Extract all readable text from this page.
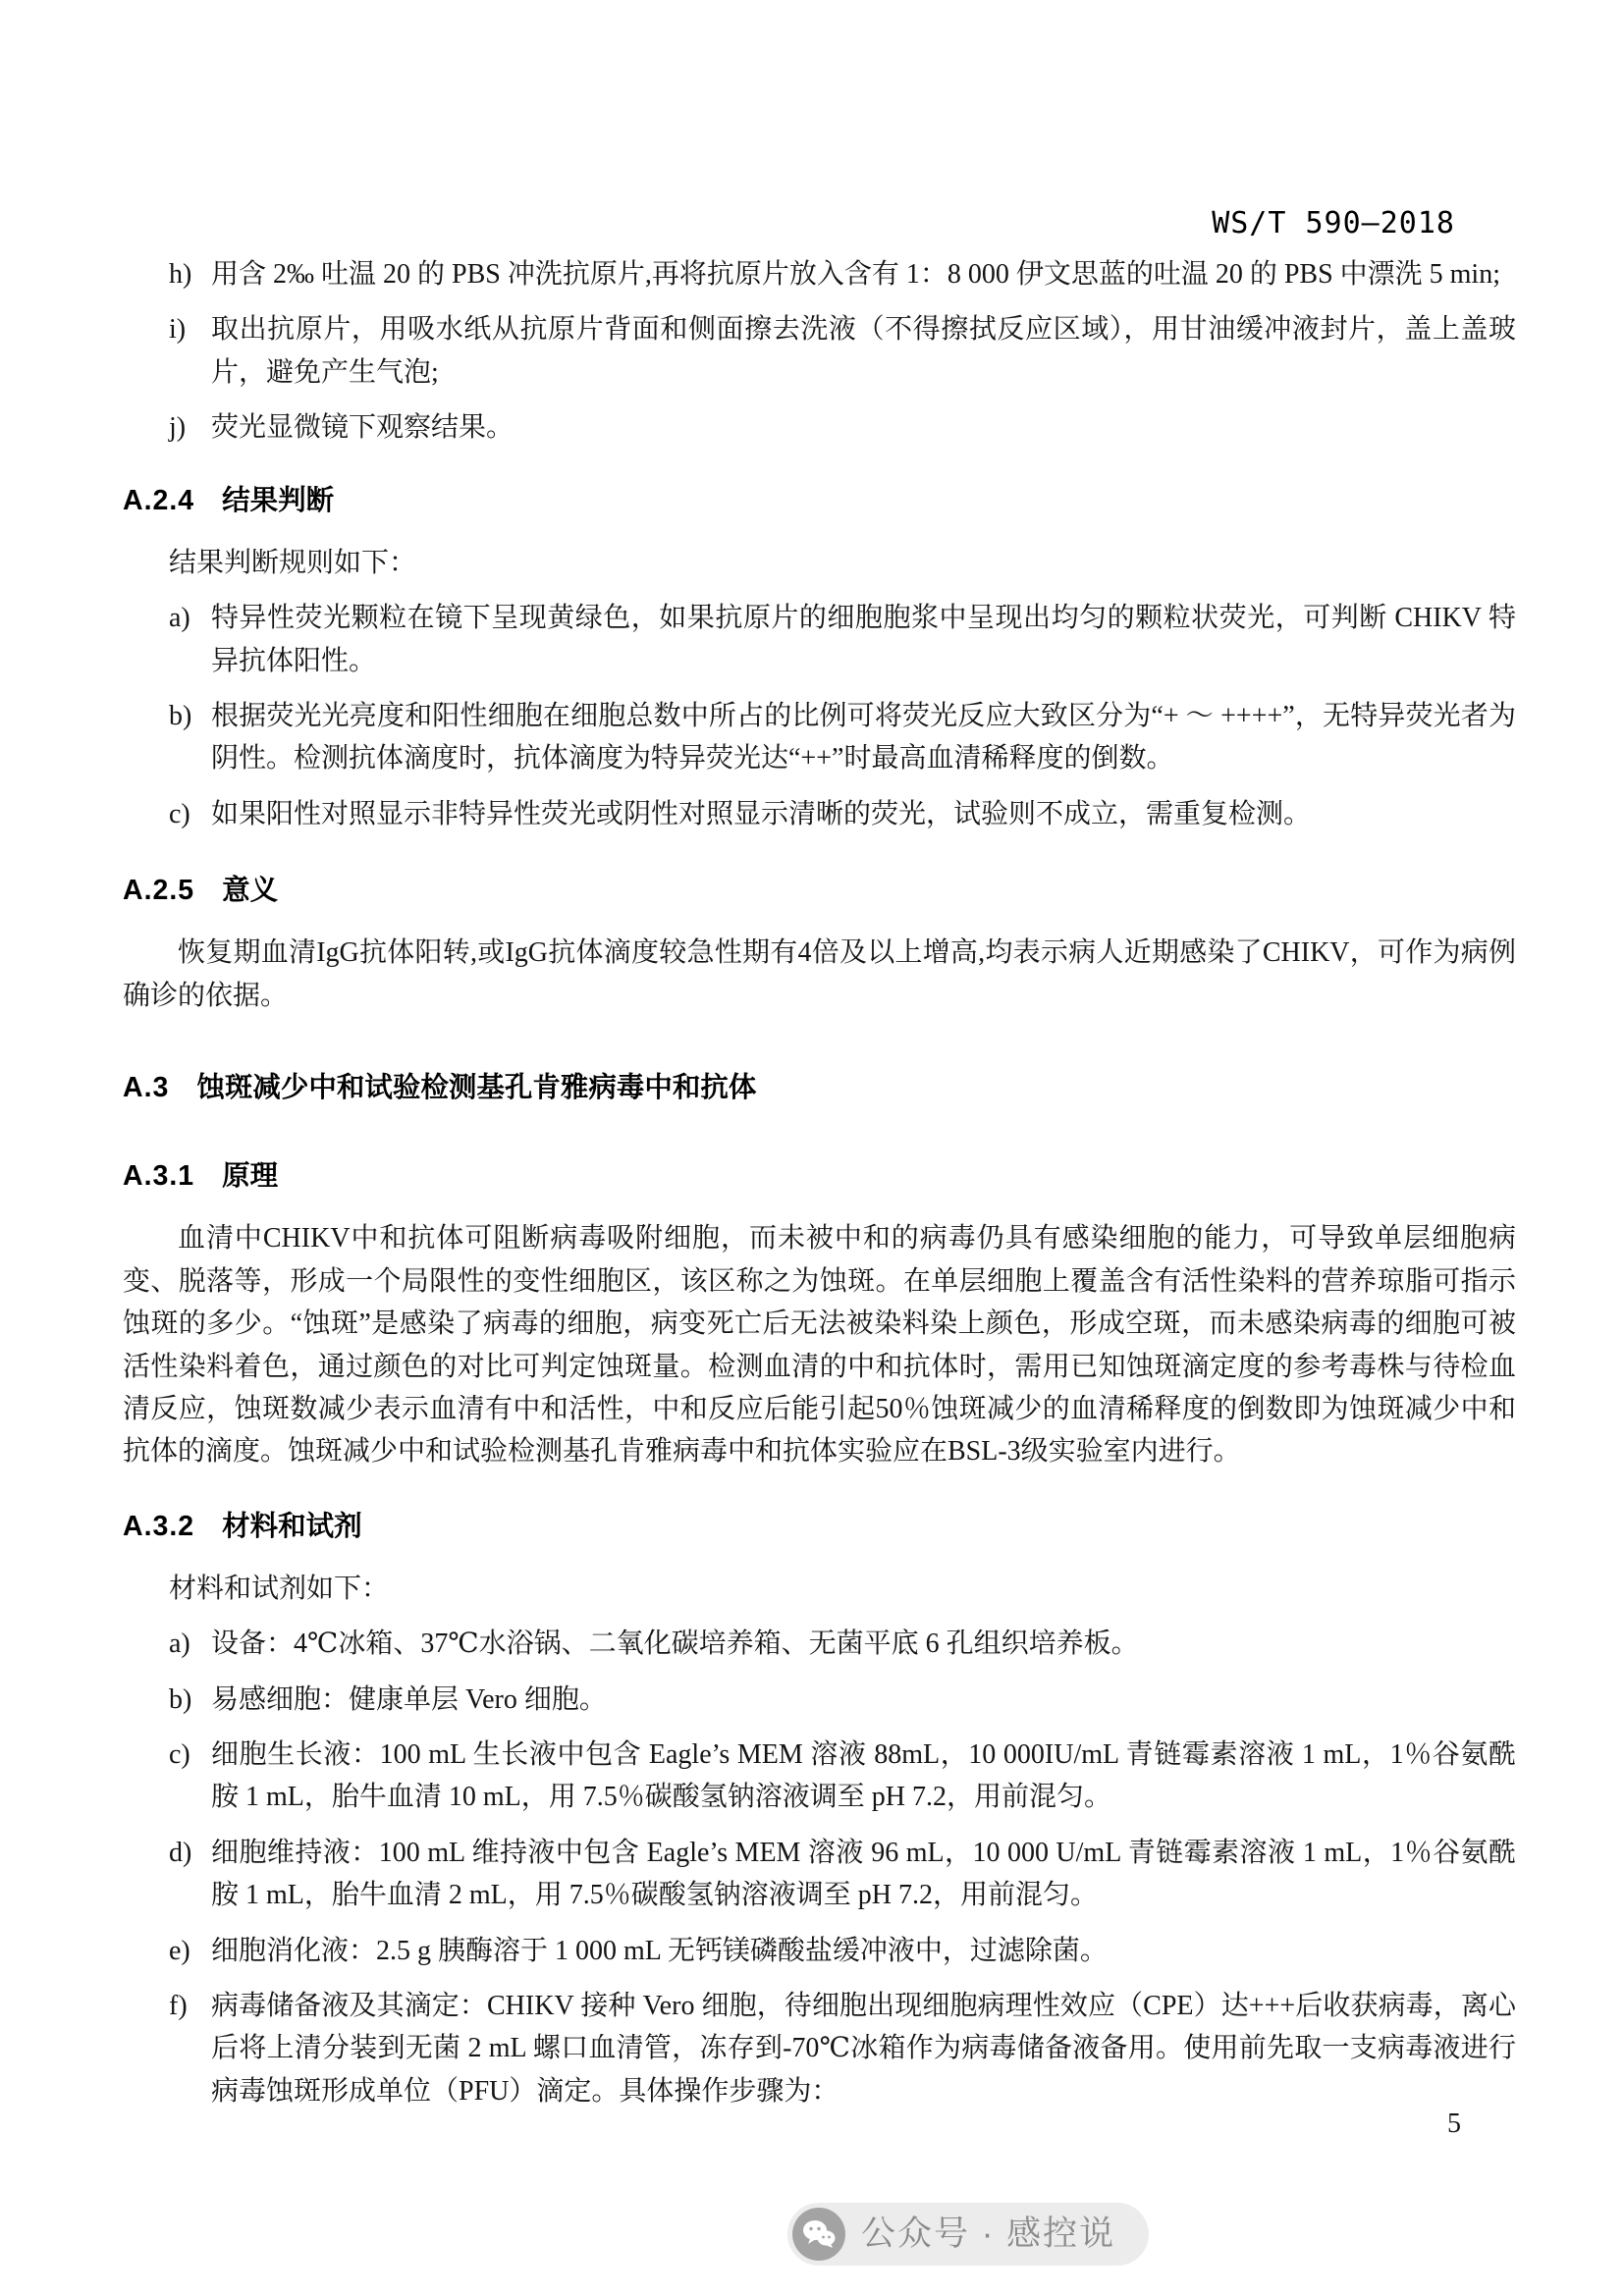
WS/T 590—2018
h) 用含 2‰ 吐温 20 的 PBS 冲洗抗原片,再将抗原片放入含有 1：8 000 伊文思蓝的吐温 20 的 PBS 中漂洗 5 min;
i) 取出抗原片，用吸水纸从抗原片背面和侧面擦去洗液（不得擦拭反应区域），用甘油缓冲液封片，盖上盖玻片，避免产生气泡;
j) 荧光显微镜下观察结果。
A.2.4 结果判断

结果判断规则如下：

a) 特异性荧光颗粒在镜下呈现黄绿色，如果抗原片的细胞胞浆中呈现出均匀的颗粒状荧光，可判断 CHIKV 特异抗体阳性。
b) 根据荧光光亮度和阳性细胞在细胞总数中所占的比例可将荧光反应大致区分为“+ ～ ++++”，无特异荧光者为阴性。检测抗体滴度时，抗体滴度为特异荧光达“++”时最高血清稀释度的倒数。
c) 如果阳性对照显示非特异性荧光或阴性对照显示清晰的荧光，试验则不成立，需重复检测。
A.2.5 意义

恢复期血清IgG抗体阳转,或IgG抗体滴度较急性期有4倍及以上增高,均表示病人近期感染了CHIKV，可作为病例确诊的依据。

A.3 蚀斑减少中和试验检测基孔肯雅病毒中和抗体
A.3.1 原理

血清中CHIKV中和抗体可阻断病毒吸附细胞，而未被中和的病毒仍具有感染细胞的能力，可导致单层细胞病变、脱落等，形成一个局限性的变性细胞区，该区称之为蚀斑。在单层细胞上覆盖含有活性染料的营养琼脂可指示蚀斑的多少。“蚀斑”是感染了病毒的细胞，病变死亡后无法被染料染上颜色，形成空斑，而未感染病毒的细胞可被活性染料着色，通过颜色的对比可判定蚀斑量。检测血清的中和抗体时，需用已知蚀斑滴定度的参考毒株与待检血清反应，蚀斑数减少表示血清有中和活性，中和反应后能引起50％蚀斑减少的血清稀释度的倒数即为蚀斑减少中和抗体的滴度。蚀斑减少中和试验检测基孔肯雅病毒中和抗体实验应在BSL-3级实验室内进行。

A.3.2 材料和试剂

材料和试剂如下：

a) 设备：4℃冰箱、37℃水浴锅、二氧化碳培养箱、无菌平底 6 孔组织培养板。
b) 易感细胞：健康单层 Vero 细胞。
c) 细胞生长液：100 mL 生长液中包含 Eagle’s MEM 溶液 88mL，10 000IU/mL 青链霉素溶液 1 mL，1％谷氨酰胺 1 mL，胎牛血清 10 mL，用 7.5％碳酸氢钠溶液调至 pH 7.2，用前混匀。
d) 细胞维持液：100 mL 维持液中包含 Eagle’s MEM 溶液 96 mL，10 000 U/mL 青链霉素溶液 1 mL，1％谷氨酰胺 1 mL，胎牛血清 2 mL，用 7.5％碳酸氢钠溶液调至 pH 7.2，用前混匀。
e) 细胞消化液：2.5 g 胰酶溶于 1 000 mL 无钙镁磷酸盐缓冲液中，过滤除菌。
f) 病毒储备液及其滴定：CHIKV 接种 Vero 细胞，待细胞出现细胞病理性效应（CPE）达+++后收获病毒，离心后将上清分装到无菌 2 mL 螺口血清管，冻存到-70℃冰箱作为病毒储备液备用。使用前先取一支病毒液进行病毒蚀斑形成单位（PFU）滴定。具体操作步骤为：
5
公众号 · 感控说
